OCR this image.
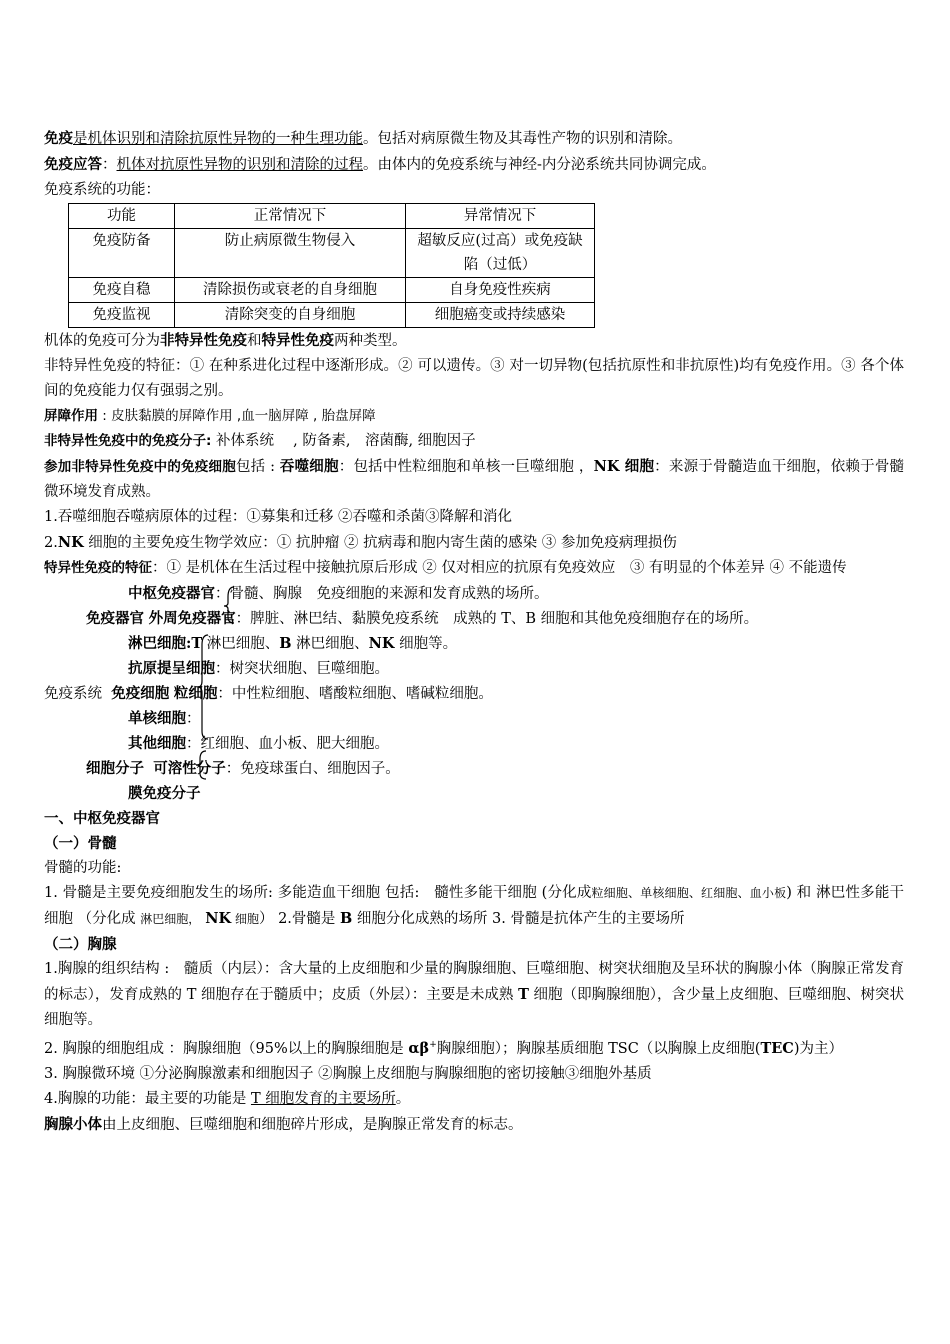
免疫是机体识别和清除抗原性异物的一种生理功能。包括对病原微生物及其毒性产物的识别和清除。

免疫应答：机体对抗原性异物的识别和清除的过程。由体内的免疫系统与神经-内分泌系统共同协调完成。

免疫系统的功能：

功能	正常情况下	异常情况下
免疫防备	防止病原微生物侵入	超敏反应(过高）或免疫缺陷（过低）
免疫自稳	清除损伤或衰老的自身细胞	自身免疫性疾病
免疫监视	清除突变的自身细胞	细胞癌变或持续感染

机体的免疫可分为非特异性免疫和特异性免疫两种类型。

非特异性免疫的特征：① 在种系进化过程中逐渐形成。② 可以遗传。③ 对一切异物(包括抗原性和非抗原性)均有免疫作用。③ 各个体间的免疫能力仅有强弱之别。

屏障作用 : 皮肤黏膜的屏障作用 ,血一脑屏障 , 胎盘屏障

非特异性免疫中的免疫分子: 补体系统　 , 防备素,　溶菌酶, 细胞因子

参加非特异性免疫中的免疫细胞包括 : 吞噬细胞：包括中性粒细胞和单核一巨噬细胞 ，NK 细胞：来源于骨髓造血干细胞，依赖于骨髓微环境发育成熟。

1.吞噬细胞吞噬病原体的过程：①募集和迁移 ②吞噬和杀菌③降解和消化

2.NK 细胞的主要免疫生物学效应：① 抗肿瘤 ② 抗病毒和胞内寄生菌的感染 ③ 参加免疫病理损伤

特异性免疫的特征：① 是机体在生活过程中接触抗原后形成 ② 仅对相应的抗原有免疫效应　③ 有明显的个体差异 ④ 不能遗传

中枢免疫器官：骨髓、胸腺　免疫细胞的来源和发育成熟的场所。
免疫器官 外周免疫器官：脾脏、淋巴结、黏膜免疫系统　成熟的 T、B 细胞和其他免疫细胞存在的场所。
淋巴细胞:T 淋巴细胞、B 淋巴细胞、NK 细胞等。
抗原提呈细胞：树突状细胞、巨噬细胞。
免疫系统 免疫细胞 粒细胞：中性粒细胞、嗜酸粒细胞、嗜碱粒细胞。
单核细胞：
其他细胞：红细胞、血小板、肥大细胞。
细胞分子 可溶性分子：免疫球蛋白、细胞因子。
膜免疫分子

一、中枢免疫器官

（一）骨髓

骨髓的功能:

1. 骨髓是主要免疫细胞发生的场所: 多能造血干细胞 包括:　髓性多能干细胞 (分化成粒细胞、单核细胞、红细胞、血小板) 和 淋巴性多能干细胞 （分化成 淋巴细胞， NK 细胞） 2.骨髓是 B 细胞分化成熟的场所 3. 骨髓是抗体产生的主要场所

（二）胸腺

1.胸腺的组织结构 :　髓质（内层）：含大量的上皮细胞和少量的胸腺细胞、巨噬细胞、树突状细胞及呈环状的胸腺小体（胸腺正常发育的标志），发育成熟的 T 细胞存在于髓质中；皮质（外层）：主要是未成熟 T 细胞（即胸腺细胞），含少量上皮细胞、巨噬细胞、树突状细胞等。

2. 胸腺的细胞组成 ：胸腺细胞（95%以上的胸腺细胞是 αβ+胸腺细胞）；胸腺基质细胞 TSC（以胸腺上皮细胞(TEC)为主）

3. 胸腺微环境 ①分泌胸腺激素和细胞因子 ②胸腺上皮细胞与胸腺细胞的密切接触③细胞外基质

4.胸腺的功能：最主要的功能是 T 细胞发育的主要场所。

胸腺小体由上皮细胞、巨噬细胞和细胞碎片形成，是胸腺正常发育的标志。
